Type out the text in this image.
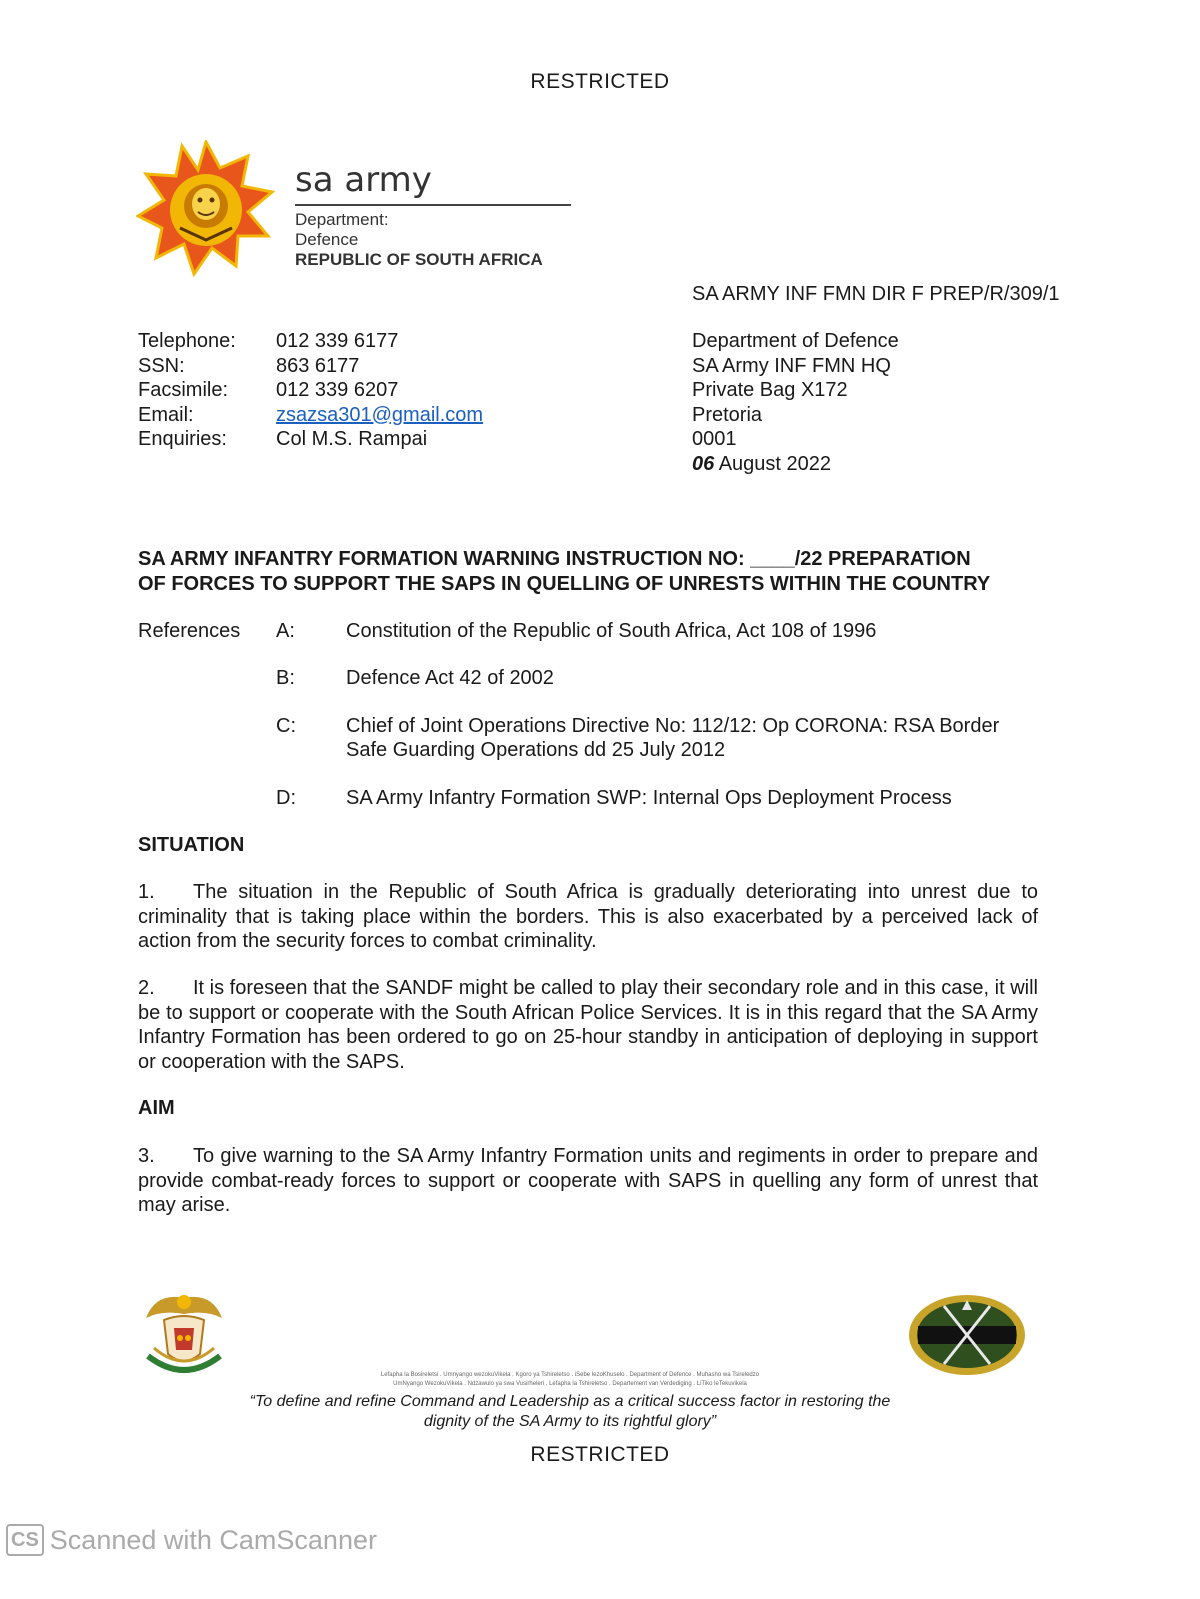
RESTRICTED
sa army
Department:
Defence
REPUBLIC OF SOUTH AFRICA
SA ARMY INF FMN DIR F PREP/R/309/1
Telephone:	012 339 6177
SSN:	863 6177
Facsimile:	012 339 6207
Email:	zsazsa301@gmail.com
Enquiries:	Col M.S. Rampai
Department of Defence
SA Army INF FMN HQ
Private Bag X172
Pretoria
0001
06 August 2022
SA ARMY INFANTRY FORMATION WARNING INSTRUCTION NO: ____/22 PREPARATION
OF FORCES TO SUPPORT THE SAPS IN QUELLING OF UNRESTS WITHIN THE COUNTRY
References A:	Constitution of the Republic of South Africa, Act 108 of 1996
B:	Defence Act 42 of 2002
C:	Chief of Joint Operations Directive No: 112/12: Op CORONA: RSA Border
Safe Guarding Operations dd 25 July 2012
D:	SA Army Infantry Formation SWP: Internal Ops Deployment Process
SITUATION
1. The situation in the Republic of South Africa is gradually deteriorating into unrest due to criminality that is taking place within the borders. This is also exacerbated by a perceived lack of action from the security forces to combat criminality.
2. It is foreseen that the SANDF might be called to play their secondary role and in this case, it will be to support or cooperate with the South African Police Services. It is in this regard that the SA Army Infantry Formation has been ordered to go on 25-hour standby in anticipation of deploying in support or cooperation with the SAPS.
AIM
3. To give warning to the SA Army Infantry Formation units and regiments in order to prepare and provide combat-ready forces to support or cooperate with SAPS in quelling any form of unrest that may arise.
Lefapha la Bosireletsi . Umnyango wezokuVikela . Kgoro ya Tshireletso . iSebe lezoKhuselo . Department of Defence . Muhasho wa Tsireledzo
UmNyango WezokuVikela . Ndzawulo ya swa Vusirheleri . Lefapha la Tshireletso . Departement van Verdediging . LiTiko leTekuvikela
“To define and refine Command and Leadership as a critical success factor in restoring the
dignity of the SA Army to its rightful glory”
RESTRICTED
CS Scanned with CamScanner
